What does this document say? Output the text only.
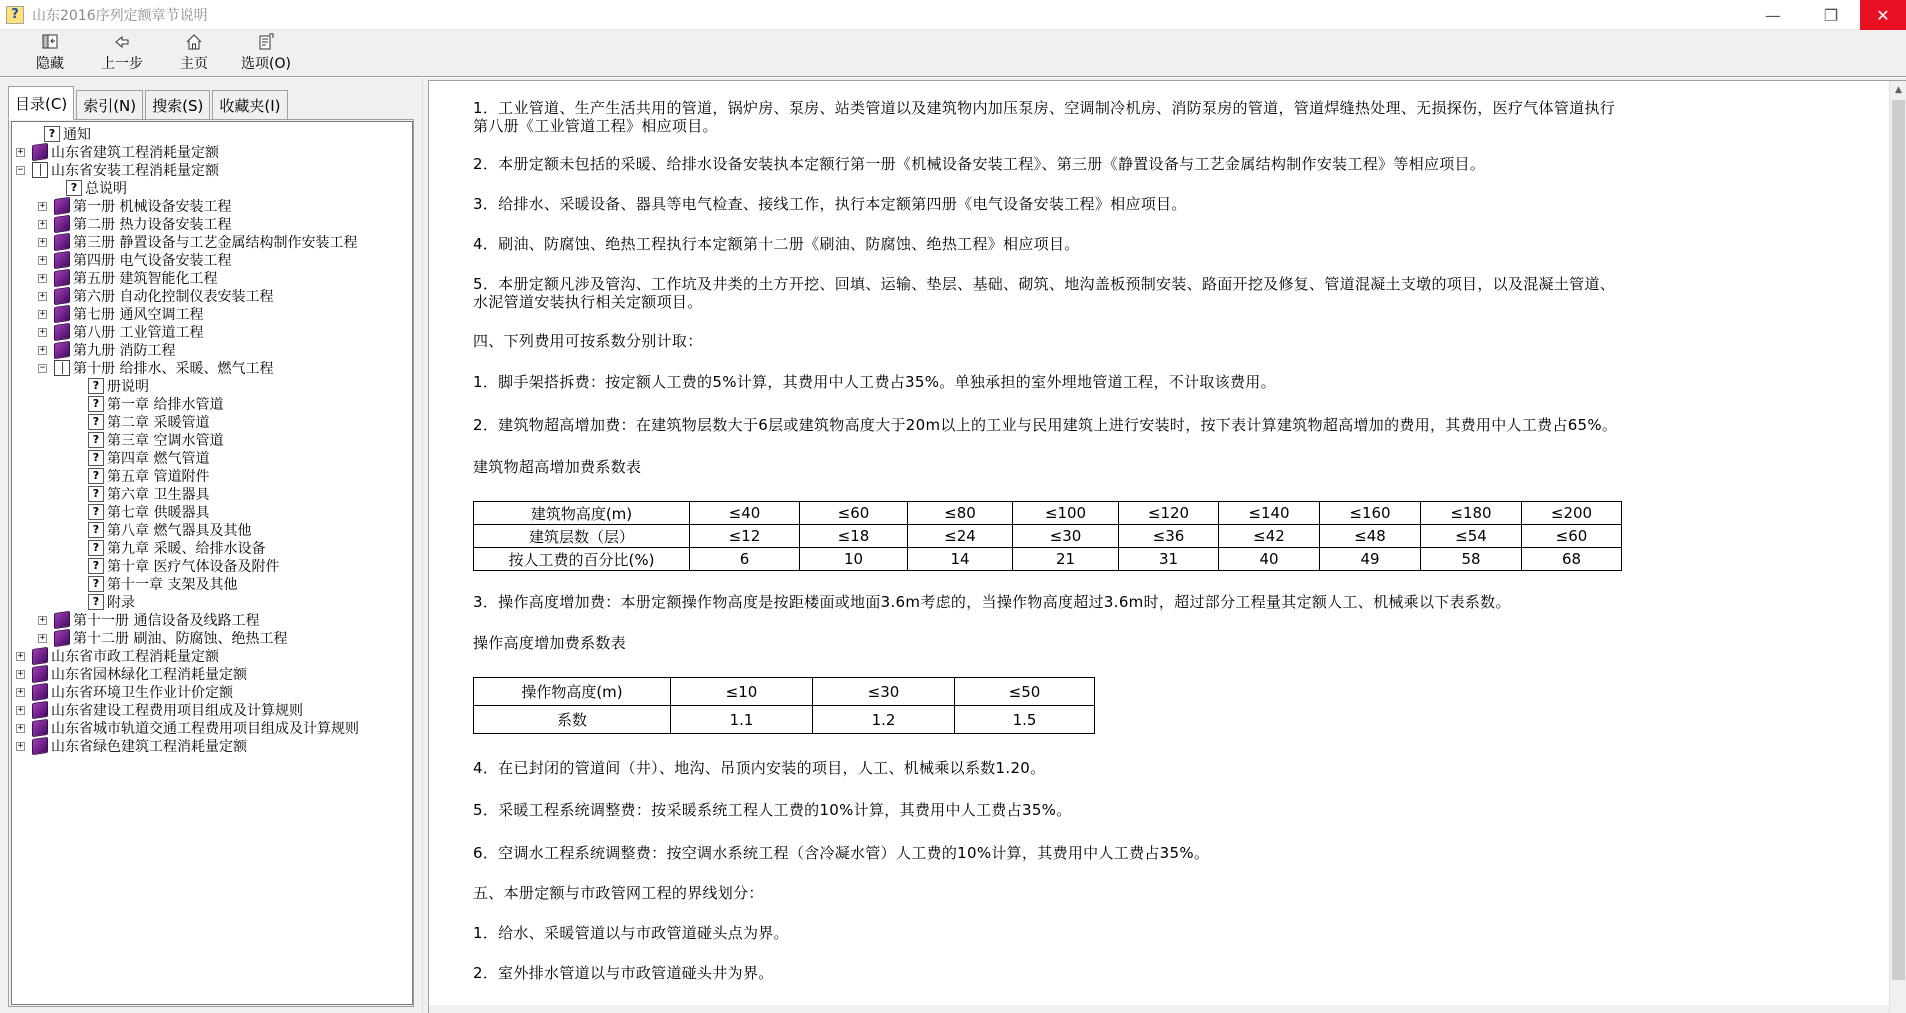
? 山东2016序列定额章节说明	—	❐	✕
隐藏	上一步	主页 选项(O)
目录(C)	索引(N)	搜索(S)	收藏夹(I)
? 通知
+ 山东省建筑工程消耗量定额
− 山东省安装工程消耗量定额
? 总说明
+ 第一册 机械设备安装工程
+ 第二册 热力设备安装工程
+ 第三册 静置设备与工艺金属结构制作安装工程
+ 第四册 电气设备安装工程
+ 第五册 建筑智能化工程
+ 第六册 自动化控制仪表安装工程
+ 第七册 通风空调工程
+ 第八册 工业管道工程
+ 第九册 消防工程
− 第十册 给排水、采暖、燃气工程
? 册说明
? 第一章 给排水管道
? 第二章 采暖管道
? 第三章 空调水管道
? 第四章 燃气管道
? 第五章 管道附件
? 第六章 卫生器具
? 第七章 供暖器具
? 第八章 燃气器具及其他
? 第九章 采暖、给排水设备
? 第十章 医疗气体设备及附件
? 第十一章 支架及其他
? 附录
+ 第十一册 通信设备及线路工程
+ 第十二册 刷油、防腐蚀、绝热工程
+ 山东省市政工程消耗量定额
+ 山东省园林绿化工程消耗量定额
+ 山东省环境卫生作业计价定额
+ 山东省建设工程费用项目组成及计算规则
+ 山东省城市轨道交通工程费用项目组成及计算规则
+ 山东省绿色建筑工程消耗量定额
1．工业管道、生产生活共用的管道，锅炉房、泵房、站类管道以及建筑物内加压泵房、空调制冷机房、消防泵房的管道，管道焊缝热处理、无损探伤，医疗气体管道执行
第八册《工业管道工程》相应项目。
2．本册定额未包括的采暖、给排水设备安装执本定额行第一册《机械设备安装工程》、第三册《静置设备与工艺金属结构制作安装工程》等相应项目。
3．给排水、采暖设备、器具等电气检查、接线工作，执行本定额第四册《电气设备安装工程》相应项目。
4．刷油、防腐蚀、绝热工程执行本定额第十二册《刷油、防腐蚀、绝热工程》相应项目。
5．本册定额凡涉及管沟、工作坑及井类的土方开挖、回填、运输、垫层、基础、砌筑、地沟盖板预制安装、路面开挖及修复、管道混凝土支墩的项目，以及混凝土管道、
水泥管道安装执行相关定额项目。
四、下列费用可按系数分别计取：
1．脚手架搭拆费：按定额人工费的5%计算，其费用中人工费占35%。单独承担的室外埋地管道工程，不计取该费用。
2．建筑物超高增加费：在建筑物层数大于6层或建筑物高度大于20m以上的工业与民用建筑上进行安装时，按下表计算建筑物超高增加的费用，其费用中人工费占65%。
建筑物超高增加费系数表
建筑物高度(m)	≤40	≤60	≤80	≤100	≤120	≤140	≤160	≤180	≤200
建筑层数（层）	≤12	≤18	≤24	≤30	≤36	≤42	≤48	≤54	≤60
按人工费的百分比(%)	6	10	14	21	31	40	49	58	68
3．操作高度增加费：本册定额操作物高度是按距楼面或地面3.6m考虑的，当操作物高度超过3.6m时，超过部分工程量其定额人工、机械乘以下表系数。
操作高度增加费系数表
操作物高度(m)	≤10	≤30	≤50
系数	1.1	1.2	1.5
4．在已封闭的管道间（井）、地沟、吊顶内安装的项目，人工、机械乘以系数1.20。
5．采暖工程系统调整费：按采暖系统工程人工费的10%计算，其费用中人工费占35%。
6．空调水工程系统调整费：按空调水系统工程（含冷凝水管）人工费的10%计算，其费用中人工费占35%。
五、本册定额与市政管网工程的界线划分：
1．给水、采暖管道以与市政管道碰头点为界。
2．室外排水管道以与市政管道碰头井为界。
▲
